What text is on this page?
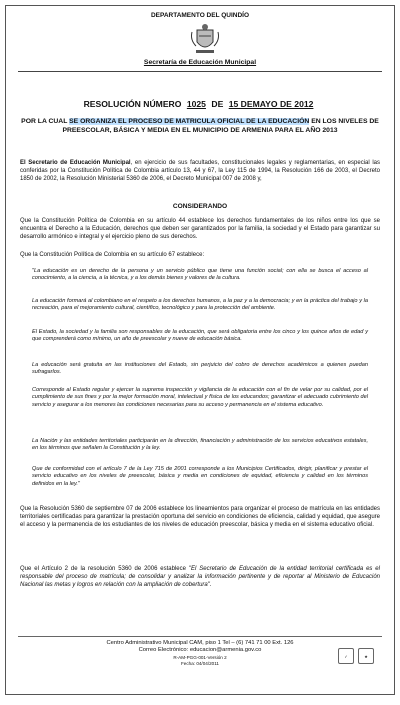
DEPARTAMENTO DEL QUINDÍO
Secretaría de Educación Municipal
RESOLUCIÓN NÚMERO 1025 DE 15 DEMAYO DE 2012
POR LA CUAL SE ORGANIZA EL PROCESO DE MATRICULA OFICIAL DE LA EDUCACIÓN EN LOS NIVELES DE PREESCOLAR, BÁSICA Y MEDIA EN EL MUNICIPIO DE ARMENIA PARA EL AÑO 2013
El Secretario de Educación Municipal, en ejercicio de sus facultades, constitucionales legales y reglamentarias, en especial las conferidas por la Constitución Política de Colombia artículo 13, 44 y 67, la Ley 115 de 1994, la Resolución 166 de 2003, el Decreto 1850 de 2002, la Resolución Ministerial 5360 de 2006, el Decreto Municipal 007 de 2008 y,
CONSIDERANDO
Que la Constitución Política de Colombia en su artículo 44 establece los derechos fundamentales de los niños entre los que se encuentra el Derecho a la Educación, derechos que deben ser garantizados por la familia, la sociedad y el Estado para garantizar su desarrollo armónico e integral y el ejercicio pleno de sus derechos.
Que la Constitución Política de Colombia en su artículo 67 establece:
"La educación es un derecho de la persona y un servicio público que tiene una función social; con ella se busca el acceso al conocimiento, a la ciencia, a la técnica, y a los demás bienes y valores de la cultura.
La educación formará al colombiano en el respeto a los derechos humanos, a la paz y a la democracia; y en la práctica del trabajo y la recreación, para el mejoramiento cultural, científico, tecnológico y para la protección del ambiente.
El Estado, la sociedad y la familia son responsables de la educación, que será obligatoria entre los cinco y los quince años de edad y que comprenderá como mínimo, un año de preescolar y nueve de educación básica.
La educación será gratuita en las instituciones del Estado, sin perjuicio del cobro de derechos académicos a quienes puedan sufragarlos.
Corresponde al Estado regular y ejercer la suprema inspección y vigilancia de la educación con el fin de velar por su calidad, por el cumplimiento de sus fines y por la mejor formación moral, intelectual y física de los educandos; garantizar el adecuado cubrimiento del servicio y asegurar a los menores las condiciones necesarias para su acceso y permanencia en el sistema educativo.
La Nación y las entidades territoriales participarán en la dirección, financiación y administración de los servicios educativos estatales, en los términos que señalen la Constitución y la ley.
Que de conformidad con el artículo 7 de la Ley 715 de 2001 corresponde a los Municipios Certificados, dirigir, planificar y prestar el servicio educativo en los niveles de preescolar, básica y media en condiciones de equidad, eficiencia y calidad en los términos definidos en la ley."
Que la Resolución 5360 de septiembre 07 de 2006 establece los lineamientos para organizar el proceso de matrícula en las entidades territoriales certificadas para garantizar la prestación oportuna del servicio en condiciones de eficiencia, calidad y equidad, que asegure el acceso y la permanencia de los estudiantes de los niveles de educación preescolar, básica y media en el sistema educativo oficial.
Que el Artículo 2 de la resolución 5360 de 2006 establece "El Secretario de Educación de la entidad territorial certificada es el responsable del proceso de matrícula; de consolidar y analizar la información pertinente y de reportar al Ministerio de Educación Nacional las metas y logros en relación con la ampliación de cobertura".
Centro Administrativo Municipal CAM, piso 1 Tel – (6) 741 71 00 Ext. 126
Correo Electrónico: educacion@armenia.gov.co
R-AM-PGG-001-Versión 2
Fecha: 04/04/2011
✓	★
